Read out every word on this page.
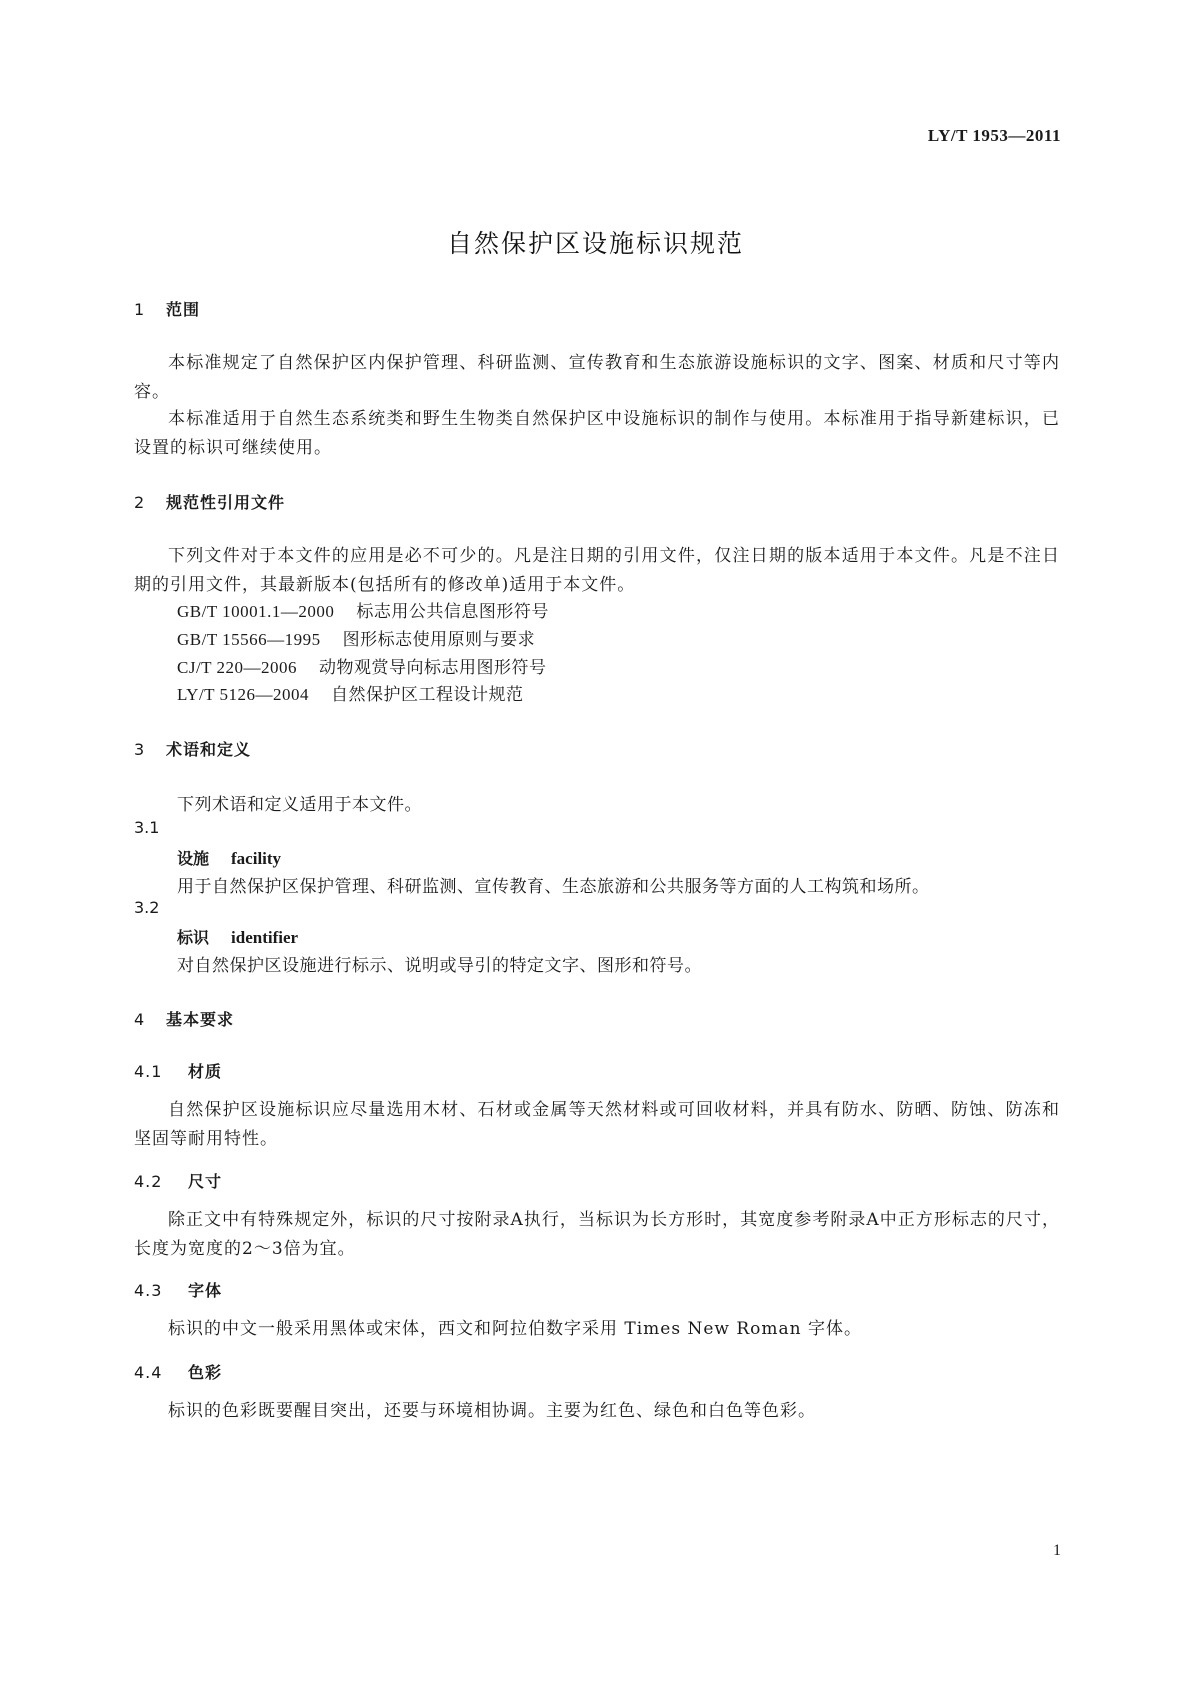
LY/T 1953—2011
自然保护区设施标识规范
1 范围
本标准规定了自然保护区内保护管理、科研监测、宣传教育和生态旅游设施标识的文字、图案、材质和尺寸等内容。
本标准适用于自然生态系统类和野生生物类自然保护区中设施标识的制作与使用。本标准用于指导新建标识，已设置的标识可继续使用。
2 规范性引用文件
下列文件对于本文件的应用是必不可少的。凡是注日期的引用文件，仅注日期的版本适用于本文件。凡是不注日期的引用文件，其最新版本(包括所有的修改单)适用于本文件。
GB/T 10001.1—2000 标志用公共信息图形符号
GB/T 15566—1995 图形标志使用原则与要求
CJ/T 220—2006 动物观赏导向标志用图形符号
LY/T 5126—2004 自然保护区工程设计规范
3 术语和定义
下列术语和定义适用于本文件。
3.1
设施 facility
用于自然保护区保护管理、科研监测、宣传教育、生态旅游和公共服务等方面的人工构筑和场所。
3.2
标识 identifier
对自然保护区设施进行标示、说明或导引的特定文字、图形和符号。
4 基本要求
4.1 材质
自然保护区设施标识应尽量选用木材、石材或金属等天然材料或可回收材料，并具有防水、防晒、防蚀、防冻和坚固等耐用特性。
4.2 尺寸
除正文中有特殊规定外，标识的尺寸按附录A执行，当标识为长方形时，其宽度参考附录A中正方形标志的尺寸，长度为宽度的2～3倍为宜。
4.3 字体
标识的中文一般采用黑体或宋体，西文和阿拉伯数字采用 Times New Roman 字体。
4.4 色彩
标识的色彩既要醒目突出，还要与环境相协调。主要为红色、绿色和白色等色彩。
1
